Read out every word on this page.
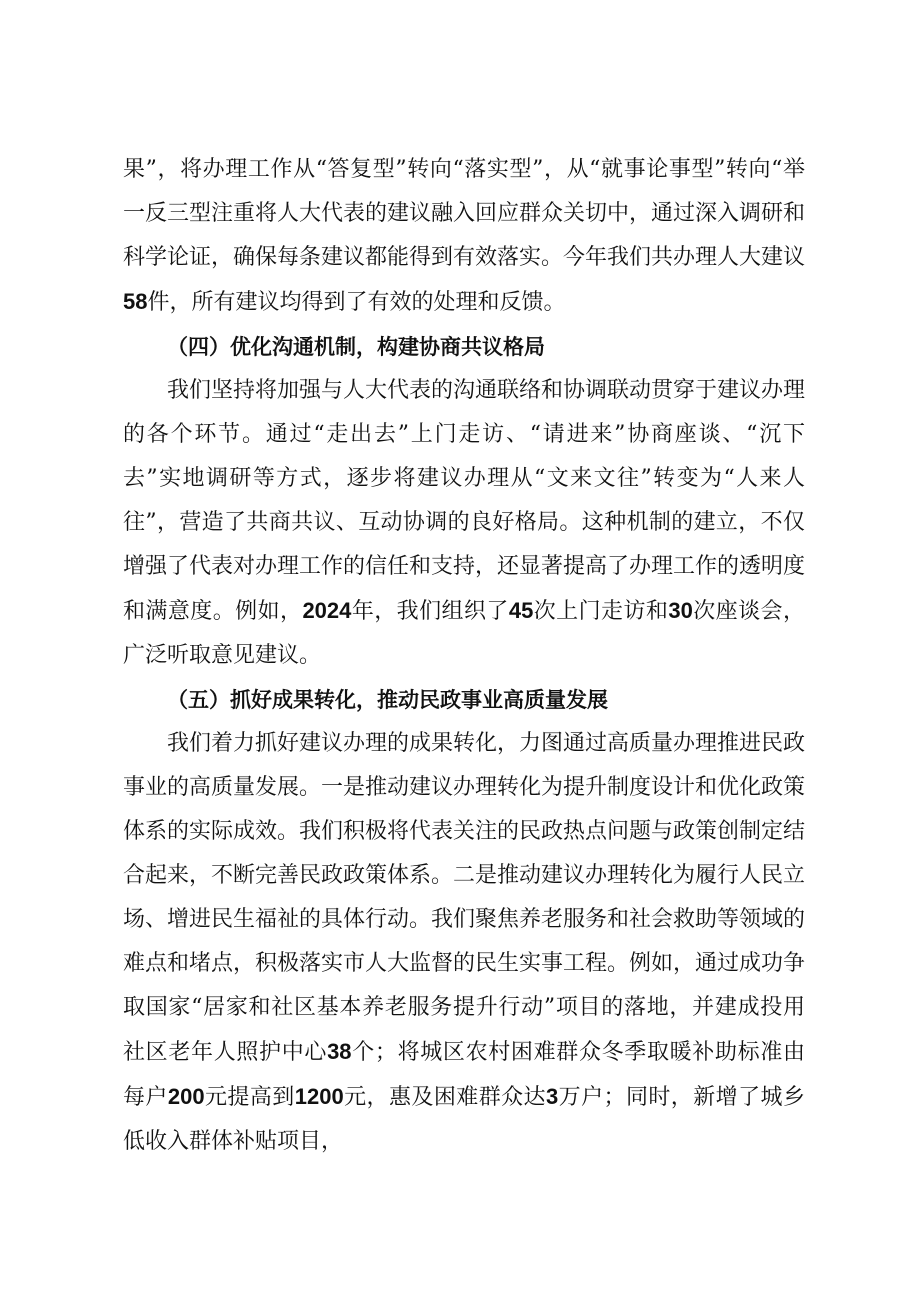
果”，将办理工作从“答复型”转向“落实型”，从“就事论事型”转向“举一反三型注重将人大代表的建议融入回应群众关切中，通过深入调研和科学论证，确保每条建议都能得到有效落实。今年我们共办理人大建议58件，所有建议均得到了有效的处理和反馈。

（四）优化沟通机制，构建协商共议格局

我们坚持将加强与人大代表的沟通联络和协调联动贯穿于建议办理的各个环节。通过“走出去”上门走访、“请进来”协商座谈、“沉下去”实地调研等方式，逐步将建议办理从“文来文往”转变为“人来人往”，营造了共商共议、互动协调的良好格局。这种机制的建立，不仅增强了代表对办理工作的信任和支持，还显著提高了办理工作的透明度和满意度。例如，2024年，我们组织了45次上门走访和30次座谈会，广泛听取意见建议。

（五）抓好成果转化，推动民政事业高质量发展

我们着力抓好建议办理的成果转化，力图通过高质量办理推进民政事业的高质量发展。一是推动建议办理转化为提升制度设计和优化政策体系的实际成效。我们积极将代表关注的民政热点问题与政策创制定结合起来，不断完善民政政策体系。二是推动建议办理转化为履行人民立场、增进民生福祉的具体行动。我们聚焦养老服务和社会救助等领域的难点和堵点，积极落实市人大监督的民生实事工程。例如，通过成功争取国家“居家和社区基本养老服务提升行动”项目的落地，并建成投用社区老年人照护中心38个；将城区农村困难群众冬季取暖补助标准由每户200元提高到1200元，惠及困难群众达3万户；同时，新增了城乡低收入群体补贴项目，
